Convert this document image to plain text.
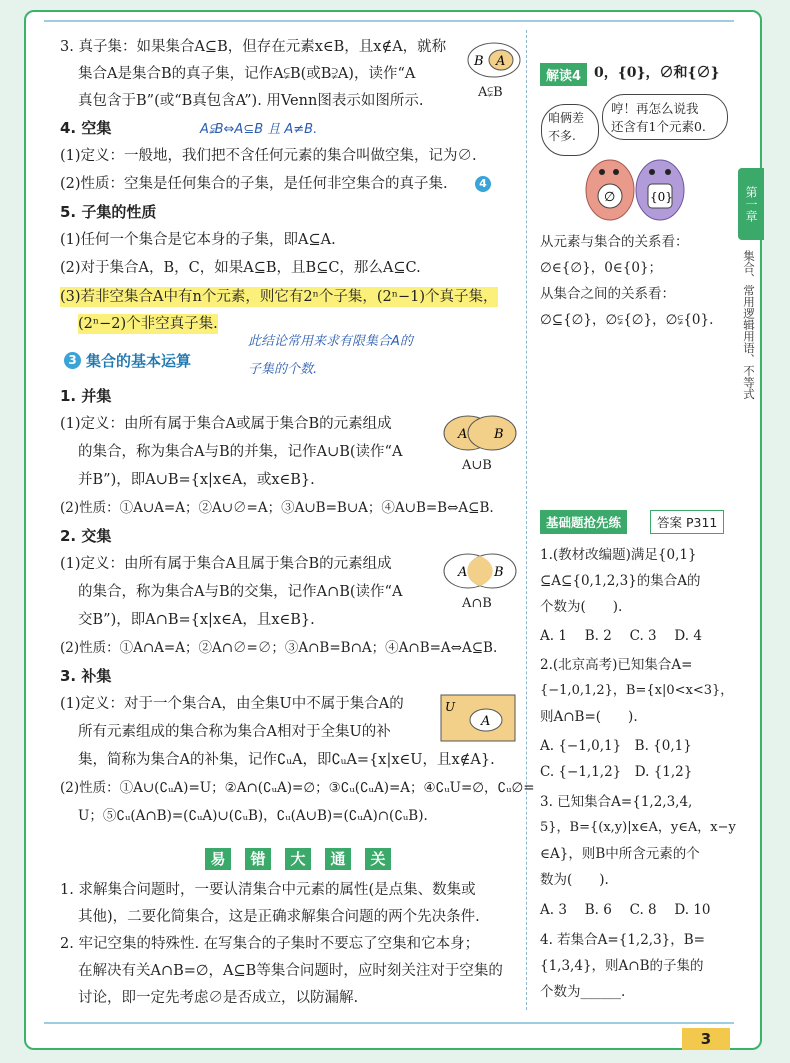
3. 真子集：如果集合A⊆B，但存在元素x∈B，且x∉A，就称
集合A是集合B的真子集，记作A⫋B(或B⫌A)，读作“A
真包含于B”(或“B真包含A”). 用Venn图表示如图所示.
B A
A⫋B
A⫋B⇔A⊆B 且 A≠B.
4. 空集
(1)定义：一般地，我们把不含任何元素的集合叫做空集，记为∅.
(2)性质：空集是任何集合的子集，是任何非空集合的真子集.	4
5. 子集的性质
(1)任何一个集合是它本身的子集，即A⊆A.
(2)对于集合A，B，C，如果A⊆B，且B⊆C，那么A⊆C.
(3)若非空集合A中有n个元素，则它有2ⁿ个子集，(2ⁿ−1)个真子集，
(2ⁿ−2)个非空真子集.
此结论常用来求有限集合A的
子集的个数.
3 集合的基本运算
1. 并集
(1)定义：由所有属于集合A或属于集合B的元素组成
的集合，称为集合A与B的并集，记作A∪B(读作“A
并B”)，即A∪B={x|x∈A，或x∈B}.
A B
A∪B
(2)性质：①A∪A=A；②A∪∅=A；③A∪B=B∪A；④A∪B=B⇔A⊆B.
2. 交集
(1)定义：由所有属于集合A且属于集合B的元素组成
的集合，称为集合A与B的交集，记作A∩B(读作“A
交B”)，即A∩B={x|x∈A，且x∈B}.
A B
A∩B
(2)性质：①A∩A=A；②A∩∅=∅；③A∩B=B∩A；④A∩B=A⇔A⊆B.
3. 补集
(1)定义：对于一个集合A，由全集U中不属于集合A的
所有元素组成的集合称为集合A相对于全集U的补
集，简称为集合A的补集，记作∁ᵤA，即∁ᵤA={x|x∈U，且x∉A}.
U
A
(2)性质：①A∪(∁ᵤA)=U；②A∩(∁ᵤA)=∅；③∁ᵤ(∁ᵤA)=A；④∁ᵤU=∅，∁ᵤ∅=
U；⑤∁ᵤ(A∩B)=(∁ᵤA)∪(∁ᵤB)，∁ᵤ(A∪B)=(∁ᵤA)∩(∁ᵤB).
易	错	大	通	关
1. 求解集合问题时，一要认清集合中元素的属性(是点集、数集或
其他)，二要化简集合，这是正确求解集合问题的两个先决条件.
2. 牢记空集的特殊性. 在写集合的子集时不要忘了空集和它本身；
在解决有关A∩B=∅，A⊆B等集合问题时，应时刻关注对于空集的
讨论，即一定先考虑∅是否成立，以防漏解.
解读4 0，{0}，∅和{∅}
咱俩差不多.
哼！再怎么说我
还含有1个元素0.
∅	{0}
从元素与集合的关系看：
∅∈{∅}，0∈{0}；
从集合之间的关系看：
∅⊆{∅}，∅⫋{∅}，∅⫋{0}.
基础题抢先练	答案 P311
1.(教材改编题)满足{0,1}
⊆A⊆{0,1,2,3}的集合A的
个数为(　　).
A. 1　 B. 2　 C. 3　 D. 4
2.(北京高考)已知集合A=
{−1,0,1,2}，B={x|0<x<3}，
则A∩B=(　　).
A. {−1,0,1}　B. {0,1}
C. {−1,1,2}　D. {1,2}
3. 已知集合A={1,2,3,4,
5}，B={(x,y)|x∈A，y∈A，x−y
∈A}，则B中所含元素的个
数为(　　).
A. 3　 B. 6　 C. 8　 D. 10
4. 若集合A={1,2,3}，B=
{1,3,4}，则A∩B的子集的
个数为______.
第一章
集合、常用逻辑用语、不等式
3
